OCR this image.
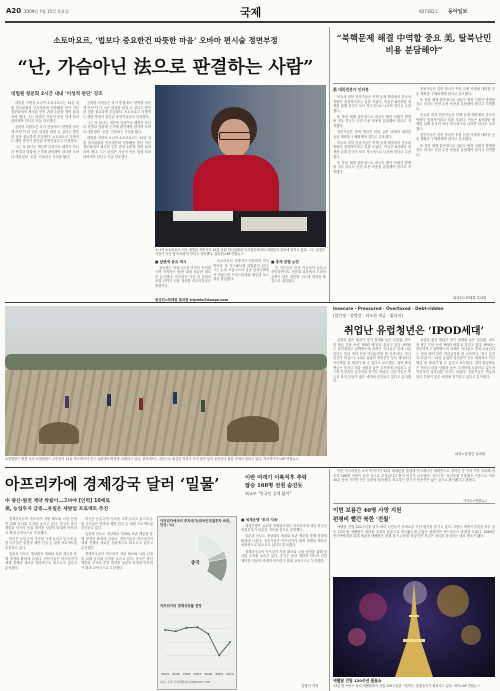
A20 2009년 7월 15일 목요일	국제	제27362호 동아일보
소토마요르, ‘법보다 중요한건 따뜻한 마음’ 오바마 편시술 정면부정
“난, 가슴아닌 法으로 판결하는 사람”
대법원 청문회 2시간 내내 ‘이성적 판단’ 강조

대법관 지명자 소니아 소토마요르는 14일 상원 법사위원회 인사청문회 이틀째를 맞아 지난 청문회에서 제기된 인종 편향 논란을 정면 돌파하려 했다. 그는 판결은 가슴이 아닌 법에 따라 내려져야 한다고 거듭 강조했다.

공화당 의원들은 과거 연설에서 ‘현명한 라틴계 여성’이 더 나은 판결을 내릴 수 있다고 발언한 점을 집요하게 추궁했다. 소토마요르 지명자는 해당 발언이 잘못된 표현이었다고 인정했다.

그는 또 판사는 개인적 감정이나 배경이 아니라 헌법과 법률에 근거해 판단해야 한다며 오바마 대통령의 ‘공감’ 기준과는 거리를 뒀다.

공화당 의원들은 과거 연설에서 ‘현명한 라틴계 여성’이 더 나은 판결을 내릴 수 있다고 발언한 점을 집요하게 추궁했다. 소토마요르 지명자는 해당 발언이 잘못된 표현이었다고 인정했다.

그는 또 판사는 개인적 감정이나 배경이 아니라 헌법과 법률에 근거해 판단해야 한다며 오바마 대통령의 ‘공감’ 기준과는 거리를 뒀다.

대법관 지명자 소니아 소토마요르는 14일 상원 법사위원회 인사청문회 이틀째를 맞아 지난 청문회에서 제기된 인종 편향 논란을 정면 돌파하려 했다. 그는 판결은 가슴이 아닌 법에 따라 내려져야 한다고 거듭 강조했다.

소니아 소토마요르 미국 대법관 지명자가 14일 상원 법사위원회 인사청문회에서 의원들의 질의에 답하고 있다. 그는 판결은 가슴이 아닌 법에 따라야 한다고 강조했다. 워싱턴=AP 연합뉴스
■ 답변에 증교 역시

청문회는 이날 2시간 가까이 이어졌으며 지명자는 답변 내내 차분한 태도를 유지했다. 민주당은 다음 달 본회의 표결 전까지 인준 절차를 마무리한다는 방침이다.

소토마요르 지명자가 인준되면 미국 역사상 첫 히스패닉계 대법관이 된다. 그는 뉴욕 브롱크스의 공공 임대주택에서 자랐으며 프린스턴대와 예일대 로스쿨을 졸업했다.

■ 중재 판결 논란

미 언론들은 인준 가능성이 높다고 전망하면서도 청문회 과정에서 드러난 공방이 향후 대법원 구도에 영향을 줄 것으로 내다봤다.

워싱턴=하태원 특파원 triplets@donga.com
“북핵문제 해결 中역할 중요 美, 탈북난민 비용 분담해야”
美 대북전문가 인터뷰

미국의 대북 전문가들은 북핵 문제 해결에서 중국의 역할이 결정적이라고 입을 모았다. 이들은 6자회담 재개를 위해 중국이 보다 적극적으로 나서야 한다고 주장했다.

또 북한 체제 불안정으로 대규모 탈북 사태가 발생할 경우 미국도 난민 수용 비용을 분담해야 한다고 지적했다.

전문가들은 한미 양국이 북한 급변 사태에 대비한 공동 계획을 구체화해야 한다고 강조했다.

미국의 대북 전문가들은 북핵 문제 해결에서 중국의 역할이 결정적이라고 입을 모았다. 이들은 6자회담 재개를 위해 중국이 보다 적극적으로 나서야 한다고 주장했다.

또 북한 체제 불안정으로 대규모 탈북 사태가 발생할 경우 미국도 난민 수용 비용을 분담해야 한다고 지적했다.

전문가들은 한미 양국이 북한 급변 사태에 대비한 공동 계획을 구체화해야 한다고 강조했다.

또 북한 체제 불안정으로 대규모 탈북 사태가 발생할 경우 미국도 난민 수용 비용을 분담해야 한다고 지적했다.

미국의 대북 전문가들은 북핵 문제 해결에서 중국의 역할이 결정적이라고 입을 모았다. 이들은 6자회담 재개를 위해 중국이 보다 적극적으로 나서야 한다고 주장했다.

전문가들은 한미 양국이 북한 급변 사태에 대비한 공동 계획을 구체화해야 한다고 강조했다.

또 북한 체제 불안정으로 대규모 탈북 사태가 발생할 경우 미국도 난민 수용 비용을 분담해야 한다고 지적했다.

워싱턴=하태원 특파원
소말릴란드 땅콩 농사 소말릴란드 주민들이 14일 하르게이사 인근 들판에서 땅콩을 수확하고 있다. 현지에서는 내전으로 매설된 지뢰가 아직 남아 있어 농민들이 위험 속에서 일하고 있다. 하르게이사=AP 연합뉴스
Insecure · Pressured · Overtaxed · Debt-ridden
(불안정 · 압박감 · 과도한 세금 · 빚더미)
취업난 유럽청년은 ‘IPOD세대’

유럽의 젊은 세대가 경기 침체와 높은 실업률, 과도한 세금 부담 속에 ‘IPOD 세대’로 불리고 있다. IPOD는 불안정하고 압박받으며 과세가 지나치고 빚에 시달린다는 뜻의 영어 단어 머리글자를 딴 신조어다. 영국 일간지 타임스는 14일 유럽의 청년층이 부모 세대보다 가난해질 첫 세대가 될 수 있다고 보도했다. 대학 졸업생들은 학자금 대출 상환과 높은 주거비에 시달리고 있으며 안정적인 일자리를 얻기도 어렵다. 전문가들은 연금과 복지 부담이 젊은 세대에 전가되고 있다고 분석했다.

유럽의 젊은 세대가 경기 침체와 높은 실업률, 과도한 세금 부담 속에 ‘IPOD 세대’로 불리고 있다. IPOD는 불안정하고 압박받으며 과세가 지나치고 빚에 시달린다는 뜻의 영어 단어 머리글자를 딴 신조어다. 영국 일간지 타임스는 14일 유럽의 청년층이 부모 세대보다 가난해질 첫 세대가 될 수 있다고 보도했다. 대학 졸업생들은 학자금 대출 상환과 높은 주거비에 시달리고 있으며 안정적인 일자리를 얻기도 어렵다. 전문가들은 연금과 복지 부담이 젊은 세대에 전가되고 있다고 분석했다.

파리=송평인 특파원
아프리카에 경제강국 달러 ‘밀물’
中 광산·원전 계약 싹쓸이…고바야 [인력] 10배로
美, 농업투자 급증…유럽은 제방업 프로젝트 추진

경제강국들이 아프리카 자원 확보와 시장 선점을 위해 앞다퉈 투자를 늘리고 있다. 중국은 광산 개발과 인프라 건설 계약을 잇달아 따내며 아프리카 최대 교역국으로 부상했다.

미국은 농업 분야 투자를 크게 늘리고 있으며 유럽 국가들은 항만과 제방 건설 등 대형 프로젝트를 추진하고 있다.

일본과 인도도 정상회의 개최와 차관 제공을 통해 영향력 확대에 나섰다. 전문가들은 아프리카가 세계 경제의 새로운 성장축으로 떠오르고 있다고 분석했다.

미국은 농업 분야 투자를 크게 늘리고 있으며 유럽 국가들은 항만과 제방 건설 등 대형 프로젝트를 추진하고 있다.

일본과 인도도 정상회의 개최와 차관 제공을 통해 영향력 확대에 나섰다. 전문가들은 아프리카가 세계 경제의 새로운 성장축으로 떠오르고 있다고 분석했다.

경제강국들이 아프리카 자원 확보와 시장 선점을 위해 앞다퉈 투자를 늘리고 있다. 중국은 광산 개발과 인프라 건설 계약을 잇달아 따내며 아프리카 최대 교역국으로 부상했다.

■ 세계은행 ‘투자 지속’

세계은행은 글로벌 경제위기에도 아프리카에 대한 외국인 직접투자가 당분간 지속될 것으로 전망했다.

일본과 인도도 정상회의 개최와 차관 제공을 통해 영향력 확대에 나섰다. 전문가들은 아프리카가 세계 경제의 새로운 성장축으로 떠오르고 있다고 분석했다.

경제강국들이 아프리카 자원 확보와 시장 선점을 위해 앞다퉈 투자를 늘리고 있다. 중국은 광산 개발과 인프라 건설 계약을 잇달아 따내며 아프리카 최대 교역국으로 부상했다.

김영식 기자
아프리카에서의 투자국가(외국인직접투자 비중, 단위: %)
중국
아프리카의 경제성장률 전망
2004 2005 2006 2007 2008 2009 2010
자료: 유엔 무역개발회의(UNCTAD), IMF
이란 여객기 이륙직후 추락
탑승 168명 전원 숨진듯
외교부 “한국인 승객 없어”

이란 카스피항공 소속 여객기가 15일 테헤란을 출발해 아르메니아 예레반으로 향하던 중 이륙 직후 추락해 탑승자 168명 전원이 숨진 것으로 추정된다고 현지 언론이 보도했다. 사고기는 러시아제 투폴레프 기종으로 이륙 16분 만에 카즈빈 인근 들판에 떨어졌다. 외교부는 한국인 탑승객은 없는 것으로 확인됐다고 밝혔다.

카이로=연합뉴스
이번 보름간 40명 사망 지원
펀평비 빨간 북한 ‘전월’

에펠탑 건립 120주년을 맞아 파리 시민들이 다채로운 기념 행사를 즐기고 있다. 프랑스 혁명기념일을 하루 앞둔 13일 밤 에펠탑은 화려한 조명과 불꽃으로 장식됐으며 수많은 관광객이 샹드마르스 광장에 모였다. 1889년 만국박람회를 위해 세워진 에펠탑은 한때 철거 논란을 겪었지만 지금은 파리를 상징하는 대표 명소가 됐다.

에펠탑 건립 120주년 불꽃쇼
13일 밤 프랑스 파리 에펠탑에서 건립 120주년을 기념하는 불꽃놀이가 펼쳐지고 있다. 파리=AP 연합뉴스
